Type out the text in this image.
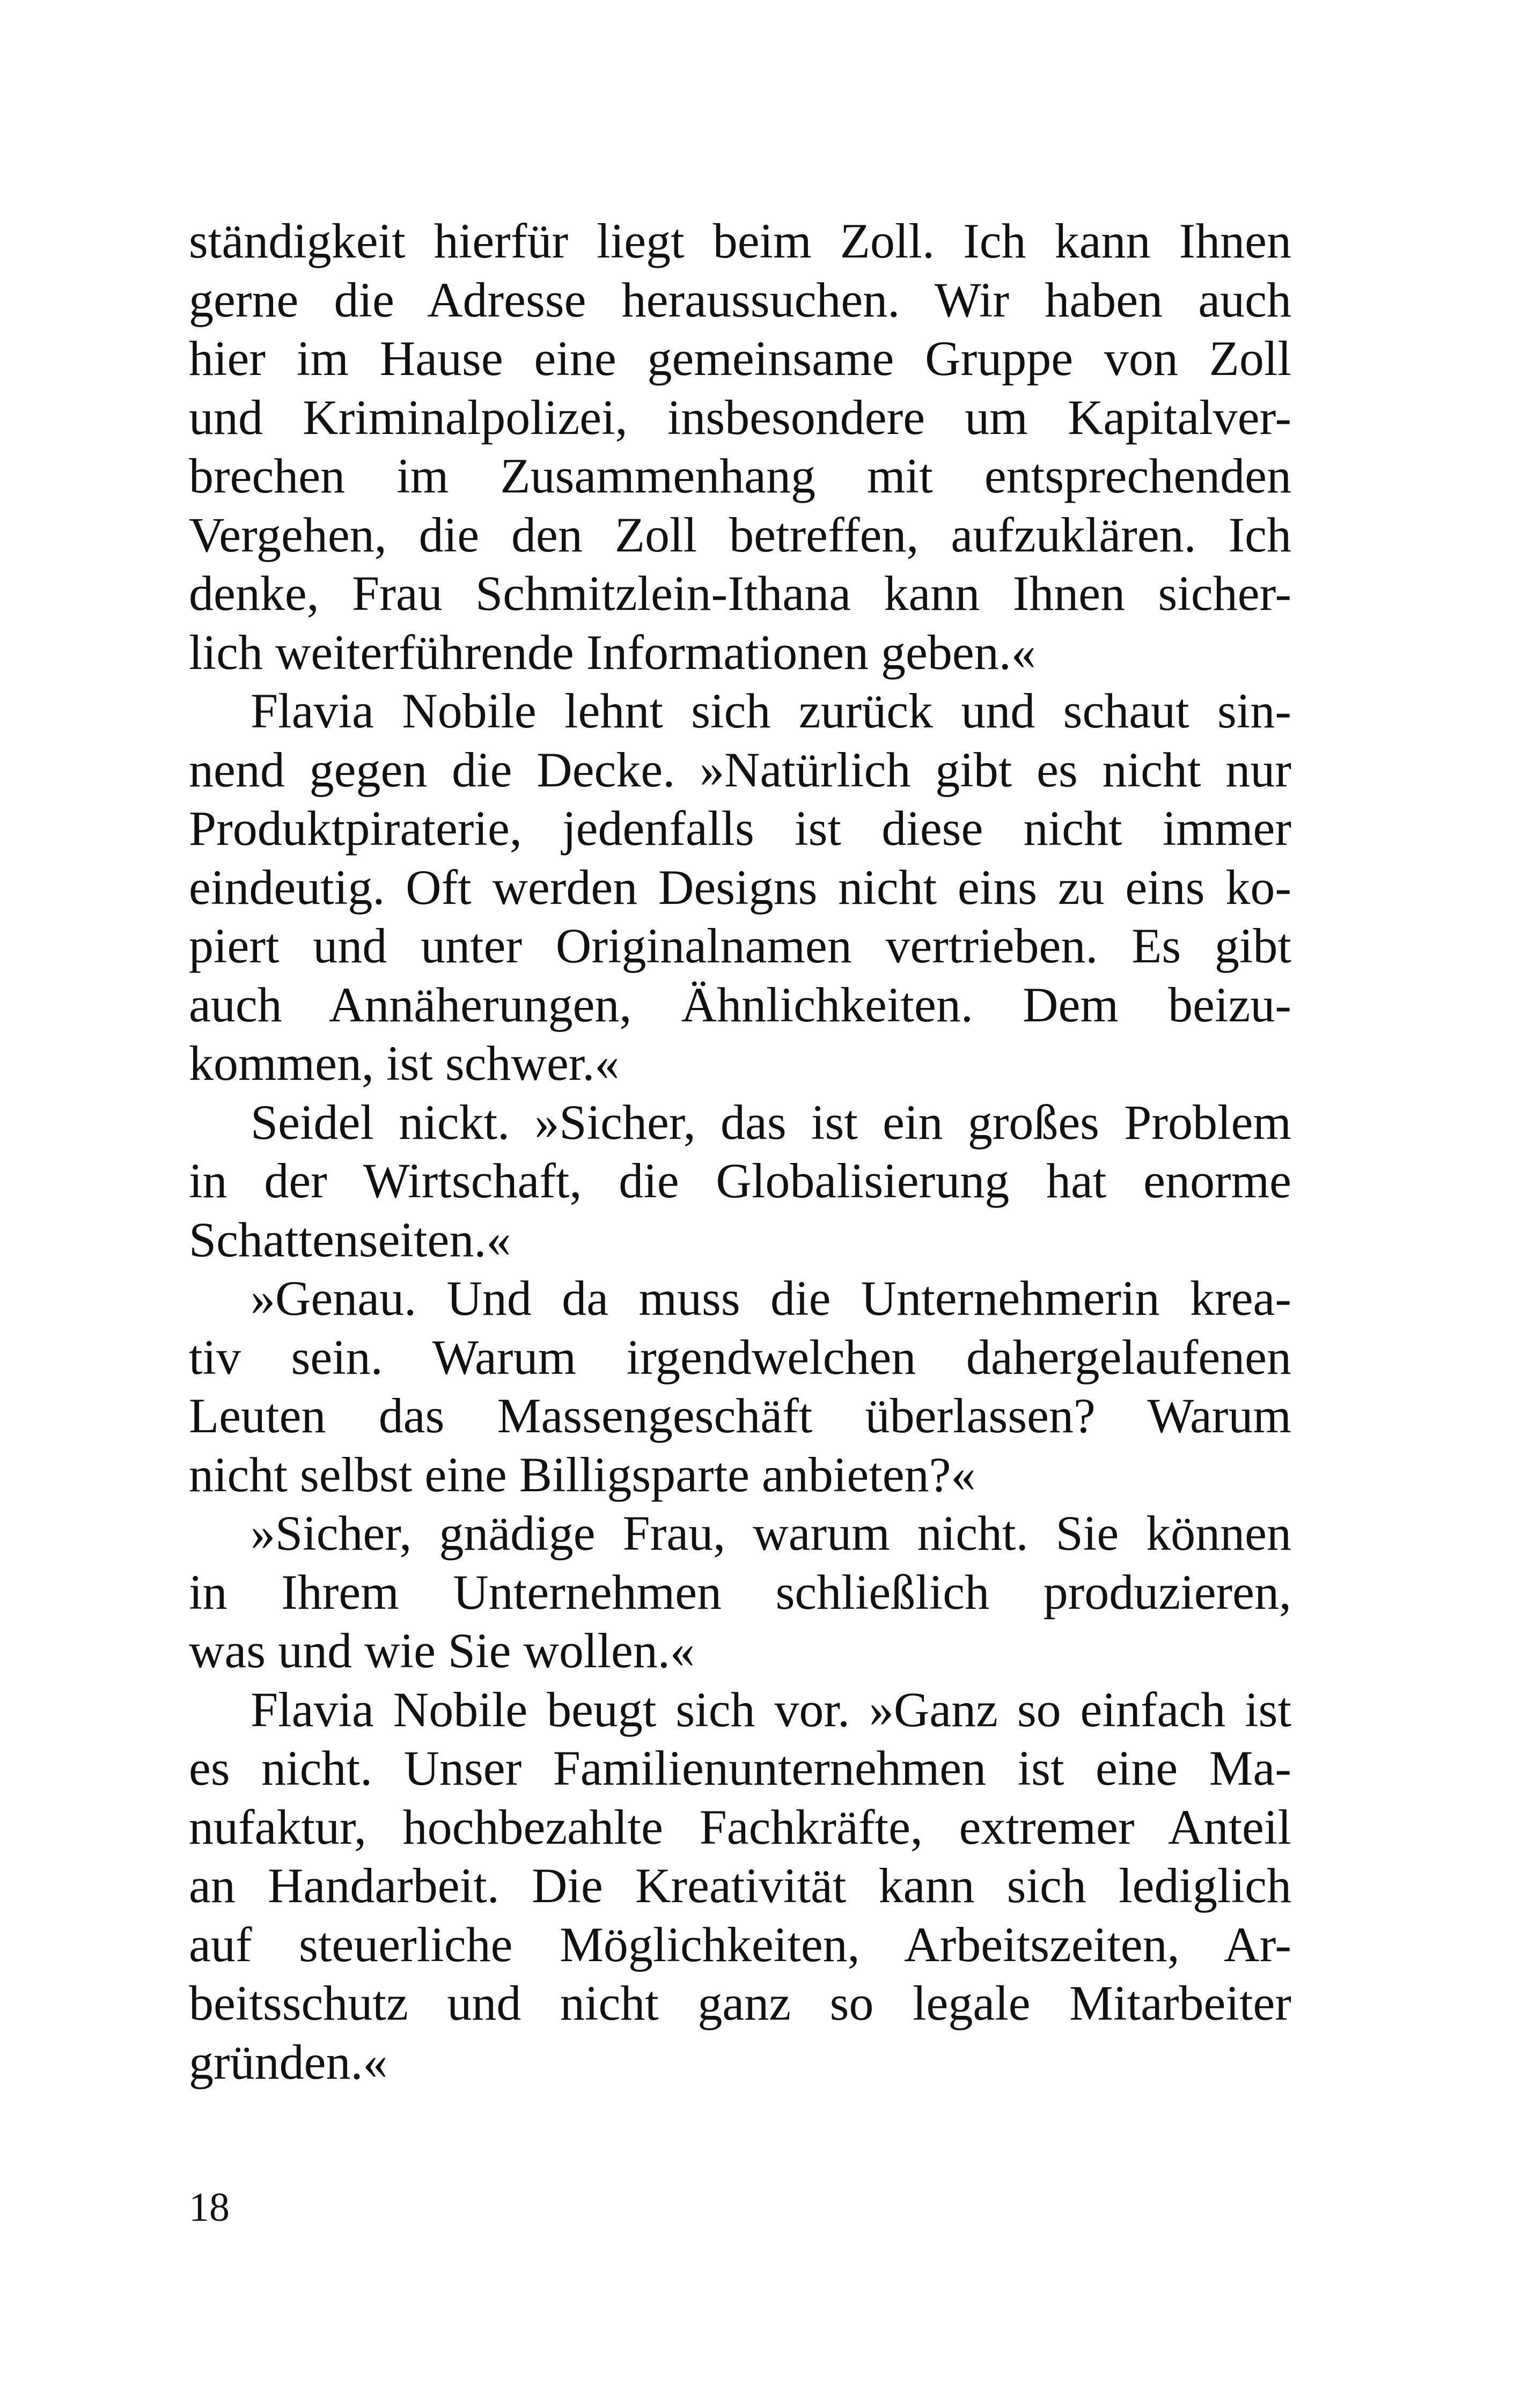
ständigkeit hierfür liegt beim Zoll. Ich kann Ihnen
gerne die Adresse heraussuchen. Wir haben auch
hier im Hause eine gemeinsame Gruppe von Zoll
und Kriminalpolizei, insbesondere um Kapitalver-
brechen im Zusammenhang mit entsprechenden
Vergehen, die den Zoll betreffen, aufzuklären. Ich
denke, Frau Schmitzlein-Ithana kann Ihnen sicher-
lich weiterführende Informationen geben.«
Flavia Nobile lehnt sich zurück und schaut sin-
nend gegen die Decke. »Natürlich gibt es nicht nur
Produktpiraterie, jedenfalls ist diese nicht immer
eindeutig. Oft werden Designs nicht eins zu eins ko-
piert und unter Originalnamen vertrieben. Es gibt
auch Annäherungen, Ähnlichkeiten. Dem beizu-
kommen, ist schwer.«
Seidel nickt. »Sicher, das ist ein großes Problem
in der Wirtschaft, die Globalisierung hat enorme
Schattenseiten.«
»Genau. Und da muss die Unternehmerin krea-
tiv sein. Warum irgendwelchen dahergelaufenen
Leuten das Massengeschäft überlassen? Warum
nicht selbst eine Billigsparte anbieten?«
»Sicher, gnädige Frau, warum nicht. Sie können
in Ihrem Unternehmen schließlich produzieren,
was und wie Sie wollen.«
Flavia Nobile beugt sich vor. »Ganz so einfach ist
es nicht. Unser Familienunternehmen ist eine Ma-
nufaktur, hochbezahlte Fachkräfte, extremer Anteil
an Handarbeit. Die Kreativität kann sich lediglich
auf steuerliche Möglichkeiten, Arbeitszeiten, Ar-
beitsschutz und nicht ganz so legale Mitarbeiter
gründen.«
18
